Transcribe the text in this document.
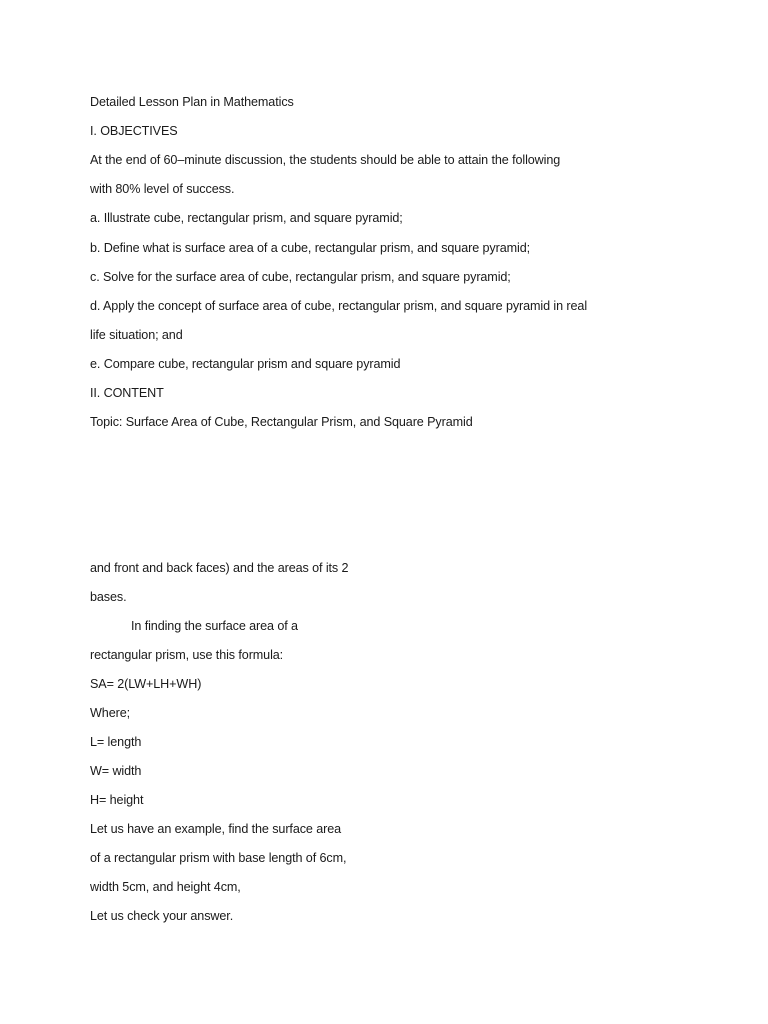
Detailed Lesson Plan in Mathematics
I. OBJECTIVES
At the end of 60–minute discussion, the students should be able to attain the following
with 80% level of success.
a. Illustrate cube, rectangular prism, and square pyramid;
b. Define what is surface area of a cube, rectangular prism, and square pyramid;
c. Solve for the surface area of cube, rectangular prism, and square pyramid;
d. Apply the concept of surface area of cube, rectangular prism, and square pyramid in real
life situation; and
e. Compare cube, rectangular prism and square pyramid
II. CONTENT
Topic: Surface Area of Cube, Rectangular Prism, and Square Pyramid
and front and back faces) and the areas of its 2
bases.
In finding the surface area of a
rectangular prism, use this formula:
SA= 2(LW+LH+WH)
Where;
L= length
W= width
H= height
Let us have an example, find the surface area
of a rectangular prism with base length of 6cm,
width 5cm, and height 4cm,
Let us check your answer.
